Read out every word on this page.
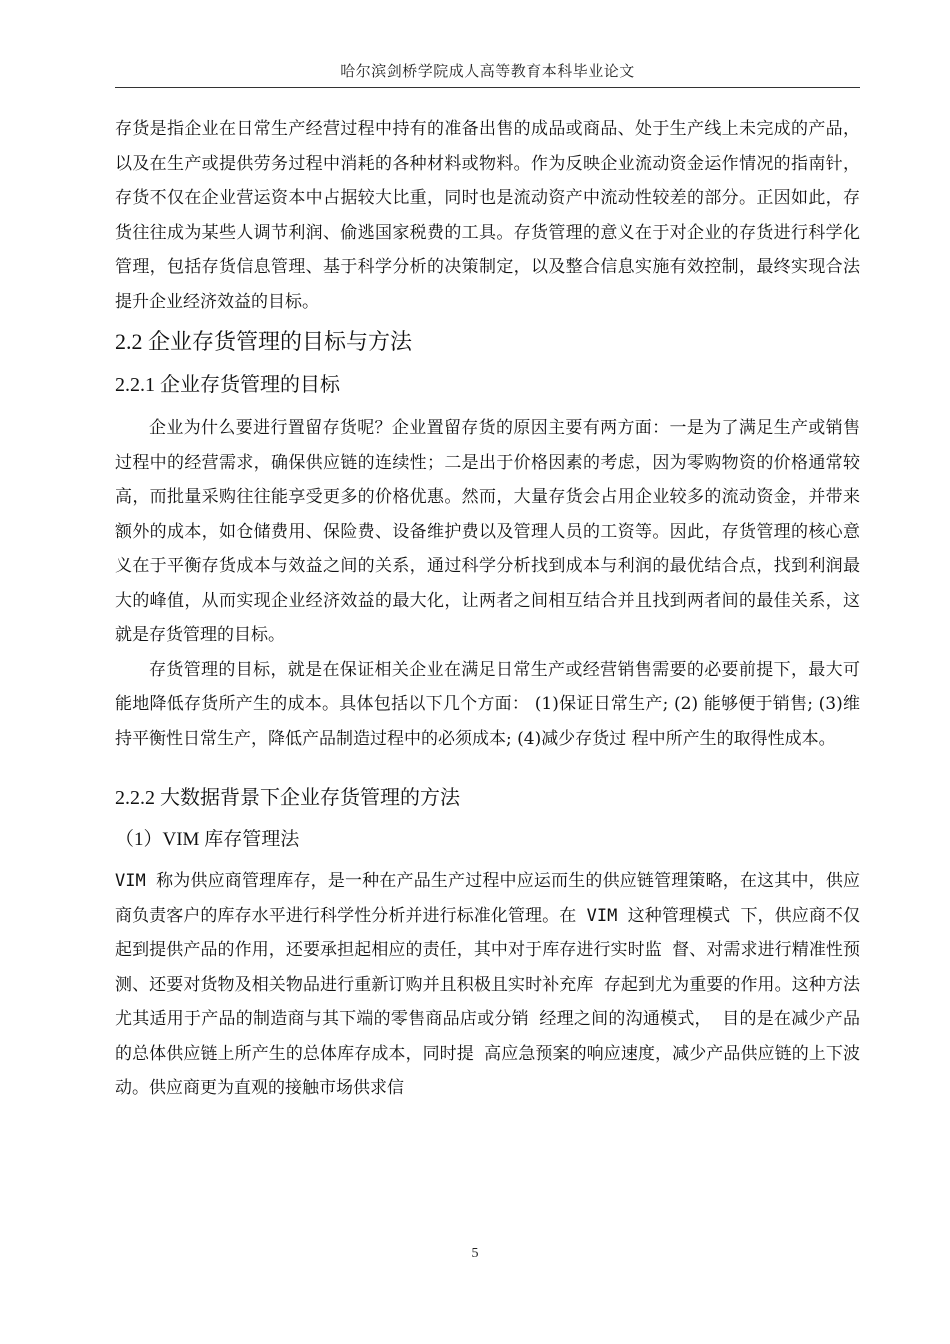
哈尔滨剑桥学院成人高等教育本科毕业论文

存货是指企业在日常生产经营过程中持有的准备出售的成品或商品、处于生产线上未完成的产品，以及在生产或提供劳务过程中消耗的各种材料或物料。作为反映企业流动资金运作情况的指南针，存货不仅在企业营运资本中占据较大比重，同时也是流动资产中流动性较差的部分。正因如此，存货往往成为某些人调节利润、偷逃国家税费的工具。存货管理的意义在于对企业的存货进行科学化管理，包括存货信息管理、基于科学分析的决策制定，以及整合信息实施有效控制，最终实现合法提升企业经济效益的目标。

2.2 企业存货管理的目标与方法
2.2.1 企业存货管理的目标

企业为什么要进行置留存货呢？企业置留存货的原因主要有两方面：一是为了满足生产或销售过程中的经营需求，确保供应链的连续性；二是出于价格因素的考虑，因为零购物资的价格通常较高，而批量采购往往能享受更多的价格优惠。然而，大量存货会占用企业较多的流动资金，并带来额外的成本，如仓储费用、保险费、设备维护费以及管理人员的工资等。因此，存货管理的核心意义在于平衡存货成本与效益之间的关系，通过科学分析找到成本与利润的最优结合点，找到利润最大的峰值，从而实现企业经济效益的最大化，让两者之间相互结合并且找到两者间的最佳关系，这就是存货管理的目标。

存货管理的目标，就是在保证相关企业在满足日常生产或经营销售需要的必要前提下，最大可能地降低存货所产生的成本。具体包括以下几个方面： (1)保证日常生产; (2) 能够便于销售; (3)维持平衡性日常生产，降低产品制造过程中的必须成本; (4)减少存货过 程中所产生的取得性成本。

2.2.2 大数据背景下企业存货管理的方法
（1）VIM 库存管理法

VIM 称为供应商管理库存，是一种在产品生产过程中应运而生的供应链管理策略，在这其中，供应商负责客户的库存水平进行科学性分析并进行标准化管理。在 VIM 这种管理模式 下，供应商不仅起到提供产品的作用，还要承担起相应的责任，其中对于库存进行实时监 督、对需求进行精准性预测、还要对货物及相关物品进行重新订购并且积极且实时补充库 存起到尤为重要的作用。这种方法尤其适用于产品的制造商与其下端的零售商品店或分销 经理之间的沟通模式， 目的是在减少产品的总体供应链上所产生的总体库存成本，同时提 高应急预案的响应速度，减少产品供应链的上下波动。供应商更为直观的接触市场供求信

5
